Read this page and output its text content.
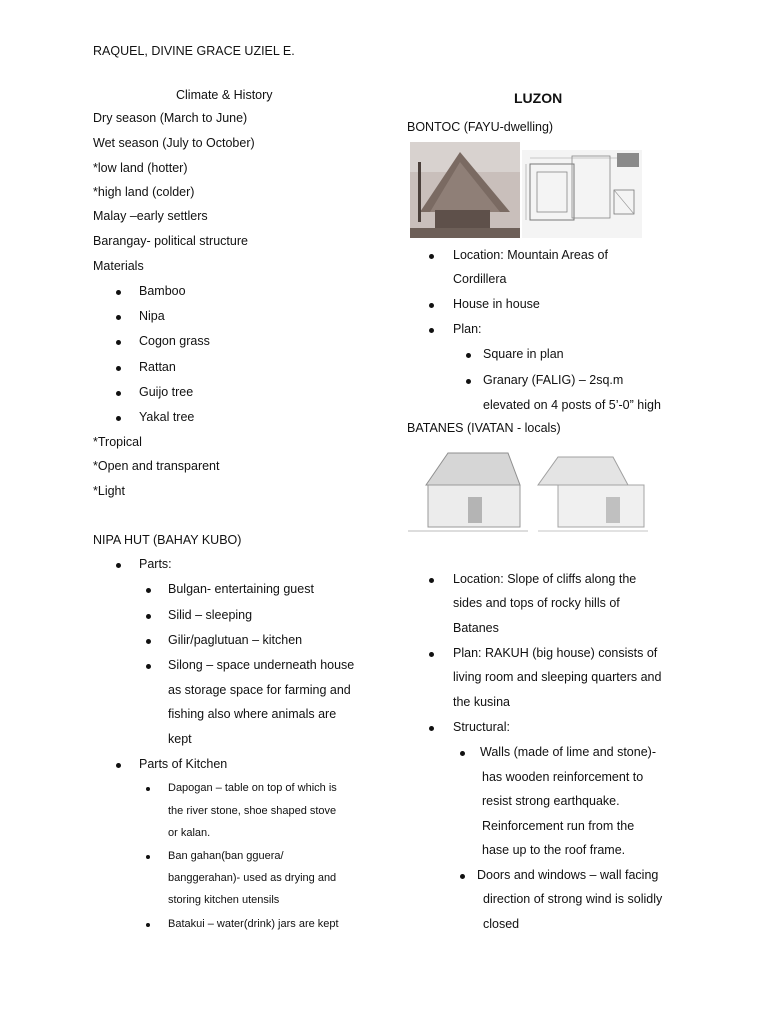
RAQUEL, DIVINE GRACE UZIEL E.
Climate & History
Dry season (March to June)
Wet season (July to October)
*low land (hotter)
*high land (colder)
Malay –early settlers
Barangay- political structure
Materials
Bamboo
Nipa
Cogon grass
Rattan
Guijo tree
Yakal tree
*Tropical
*Open and transparent
*Light
NIPA HUT (BAHAY KUBO)
Parts:
Bulgan- entertaining guest
Silid – sleeping
Gilir/paglutuan – kitchen
Silong – space underneath house
as storage space for farming and
fishing also where animals are
kept
Parts of Kitchen
Dapogan – table on top of which is
the river stone, shoe shaped stove
or kalan.
Ban gahan(ban gguera/
banggerahan)- used as drying and
storing kitchen utensils
Batakui – water(drink) jars are kept
LUZON
BONTOC (FAYU-dwelling)
Location: Mountain Areas of
Cordillera
House in house
Plan:
Square in plan
Granary (FALIG) – 2sq.m
elevated on 4 posts of 5’-0” high
BATANES (IVATAN - locals)
Location: Slope of cliffs along the
sides and tops of rocky hills of
Batanes
Plan: RAKUH (big house) consists of
living room and sleeping quarters and
the kusina
Structural:
Walls (made of lime and stone)-
has wooden reinforcement to
resist strong earthquake.
Reinforcement run from the
hase up to the roof frame.
Doors and windows – wall facing
direction of strong wind is solidly
closed
